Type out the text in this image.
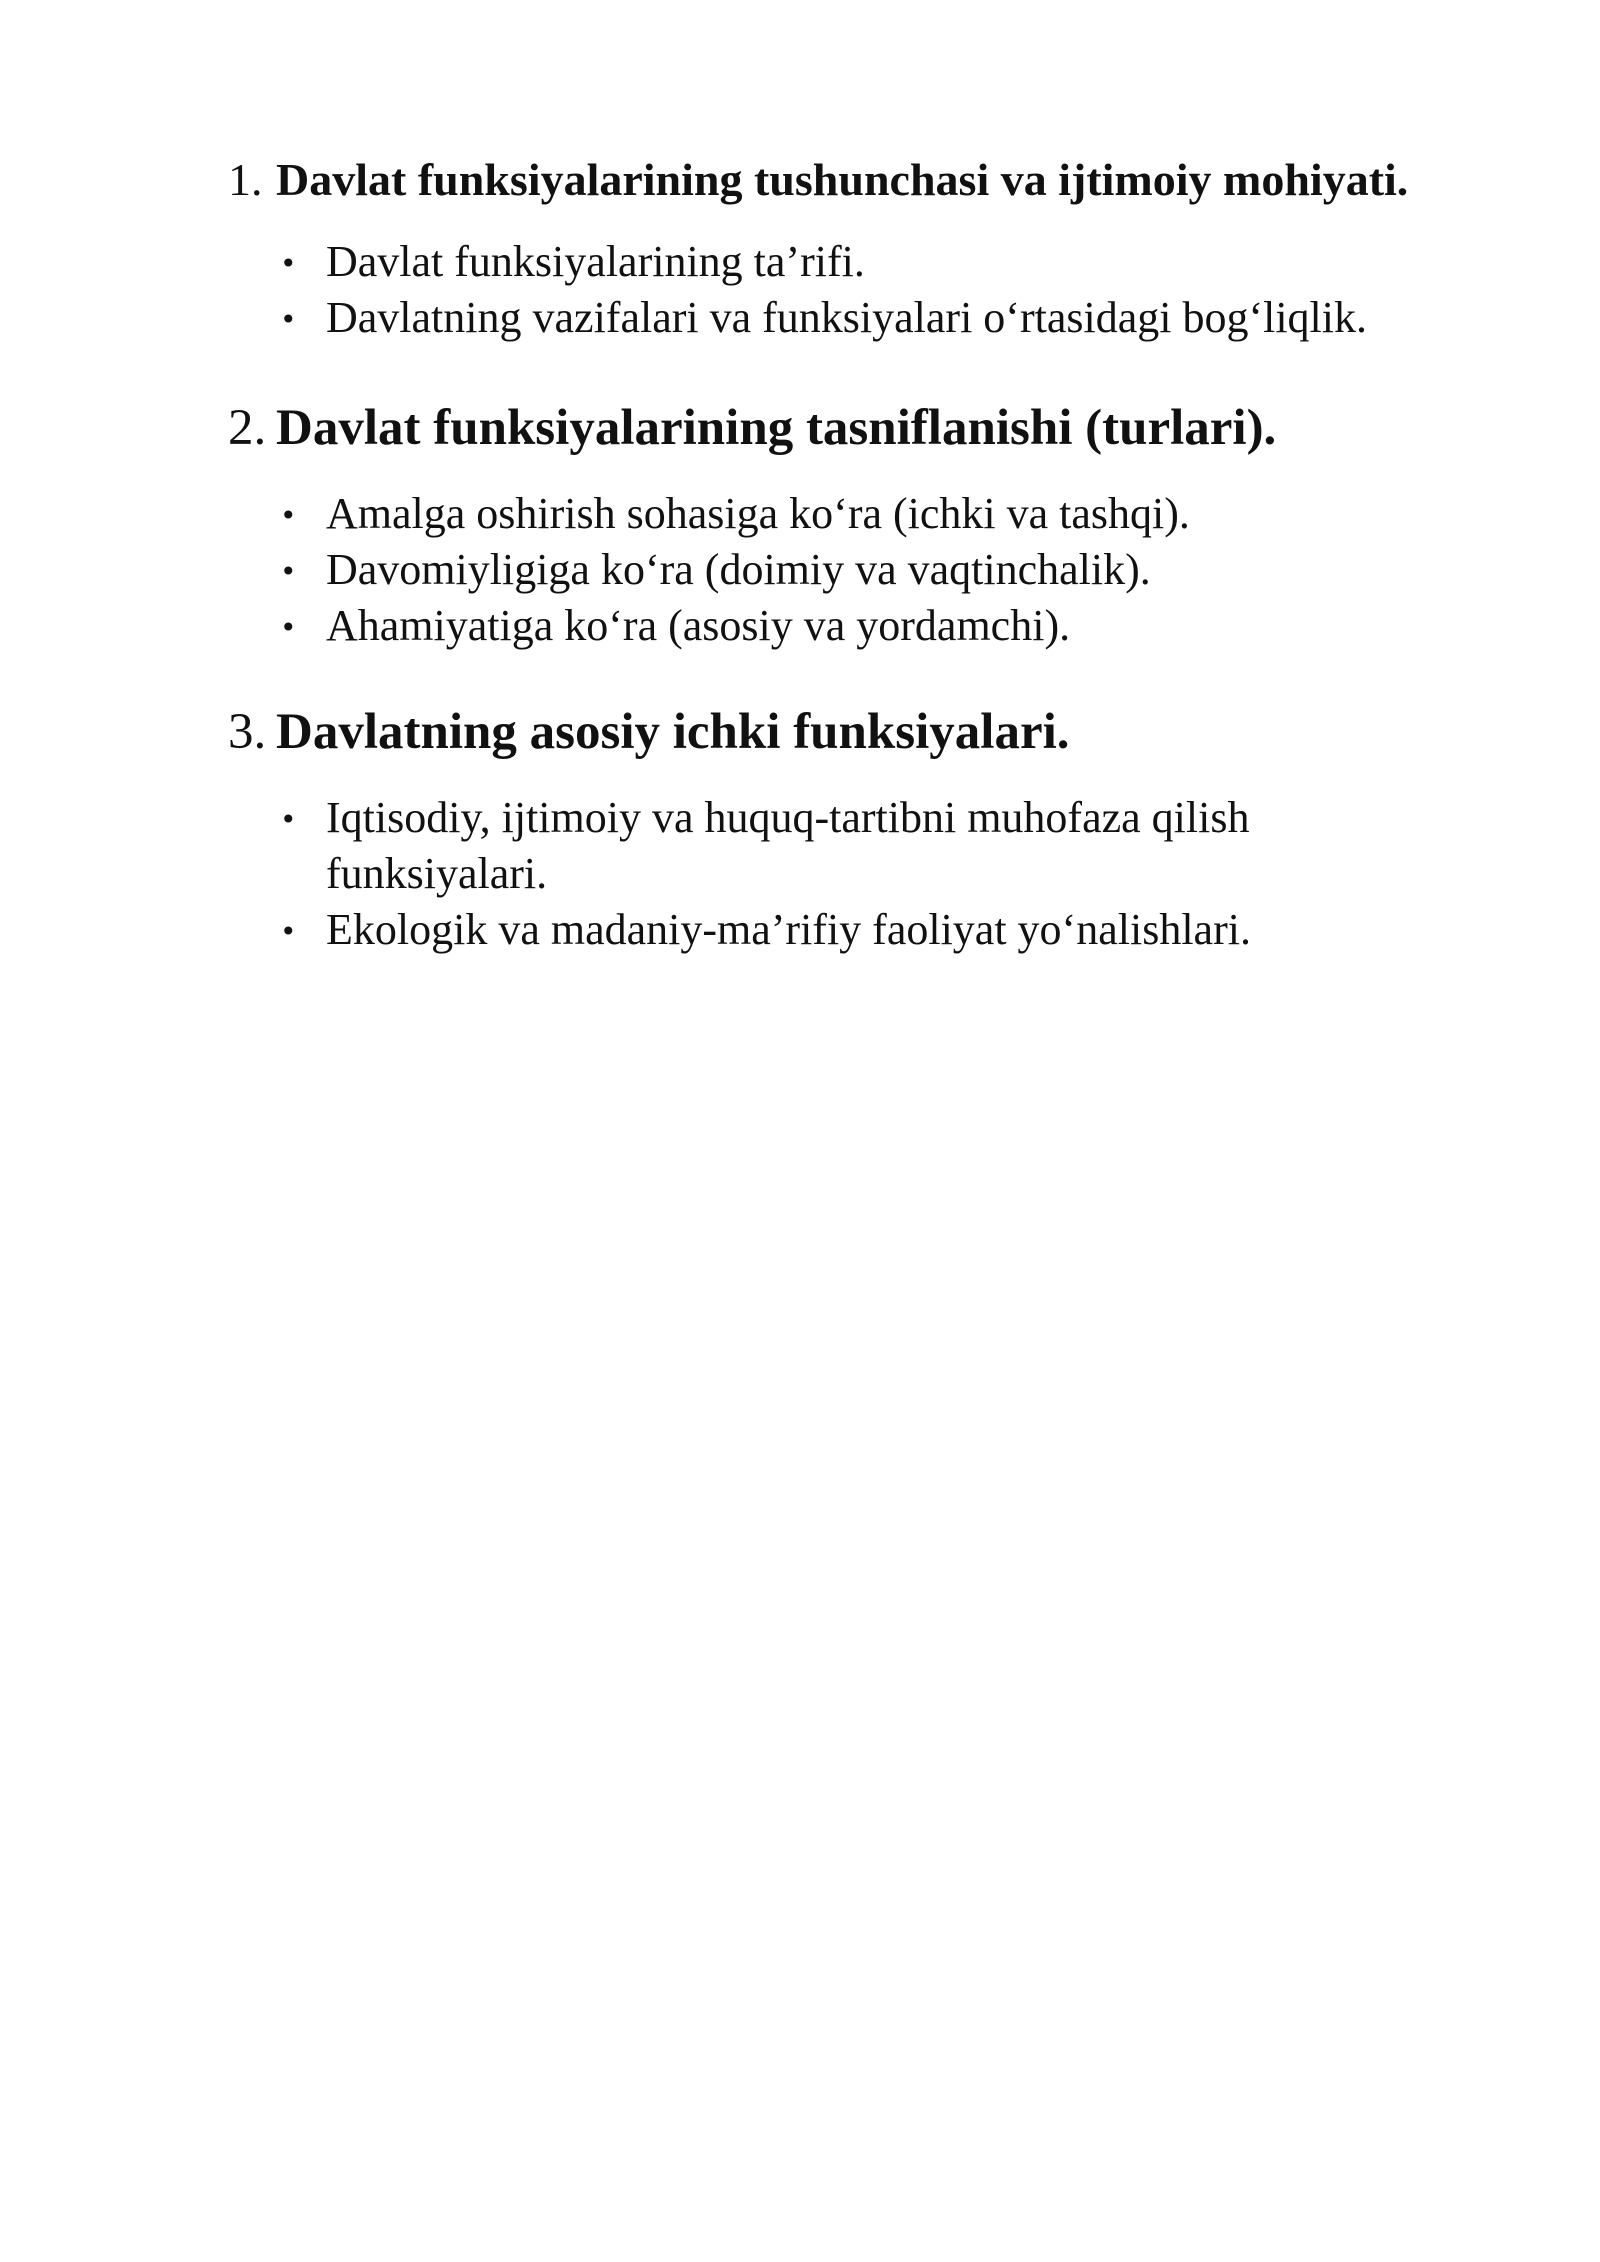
1. Davlat funksiyalarining tushunchasi va ijtimoiy mohiyati.
• Davlat funksiyalarining ta’rifi.
• Davlatning vazifalari va funksiyalari o‘rtasidagi bog‘liqlik.
2. Davlat funksiyalarining tasniflanishi (turlari).
• Amalga oshirish sohasiga ko‘ra (ichki va tashqi).
• Davomiyligiga ko‘ra (doimiy va vaqtinchalik).
• Ahamiyatiga ko‘ra (asosiy va yordamchi).
3. Davlatning asosiy ichki funksiyalari.
• Iqtisodiy, ijtimoiy va huquq-tartibni muhofaza qilish funksiyalari.
• Ekologik va madaniy-ma’rifiy faoliyat yo‘nalishlari.
